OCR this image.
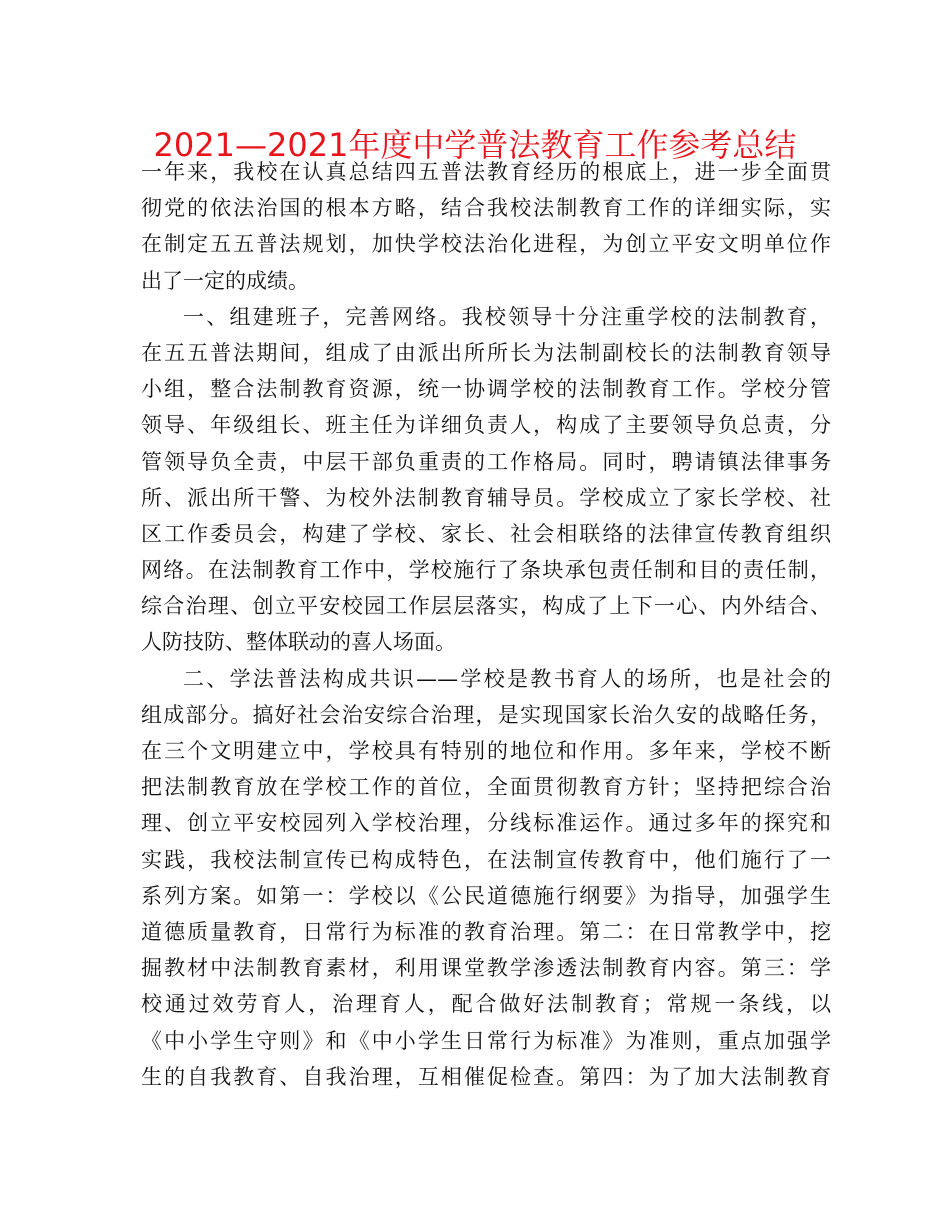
2021—2021年度中学普法教育工作参考总结
一年来，我校在认真总结四五普法教育经历的根底上，进一步全面贯
彻党的依法治国的根本方略，结合我校法制教育工作的详细实际，实
在制定五五普法规划，加快学校法治化进程，为创立平安文明单位作
出了一定的成绩。
一、组建班子，完善网络。我校领导十分注重学校的法制教育，
在五五普法期间，组成了由派出所所长为法制副校长的法制教育领导
小组，整合法制教育资源，统一协调学校的法制教育工作。学校分管
领导、年级组长、班主任为详细负责人，构成了主要领导负总责，分
管领导负全责，中层干部负重责的工作格局。同时，聘请镇法律事务
所、派出所干警、为校外法制教育辅导员。学校成立了家长学校、社
区工作委员会，构建了学校、家长、社会相联络的法律宣传教育组织
网络。在法制教育工作中，学校施行了条块承包责任制和目的责任制，
综合治理、创立平安校园工作层层落实，构成了上下一心、内外结合、
人防技防、整体联动的喜人场面。
二、学法普法构成共识——学校是教书育人的场所，也是社会的
组成部分。搞好社会治安综合治理，是实现国家长治久安的战略任务，
在三个文明建立中，学校具有特别的地位和作用。多年来，学校不断
把法制教育放在学校工作的首位，全面贯彻教育方针；坚持把综合治
理、创立平安校园列入学校治理，分线标准运作。通过多年的探究和
实践，我校法制宣传已构成特色，在法制宣传教育中，他们施行了一
系列方案。如第一：学校以《公民道德施行纲要》为指导，加强学生
道德质量教育，日常行为标准的教育治理。第二：在日常教学中，挖
掘教材中法制教育素材，利用课堂教学渗透法制教育内容。第三：学
校通过效劳育人，治理育人，配合做好法制教育；常规一条线，以
《中小学生守则》和《中小学生日常行为标准》为准则，重点加强学
生的自我教育、自我治理，互相催促检查。第四：为了加大法制教育
